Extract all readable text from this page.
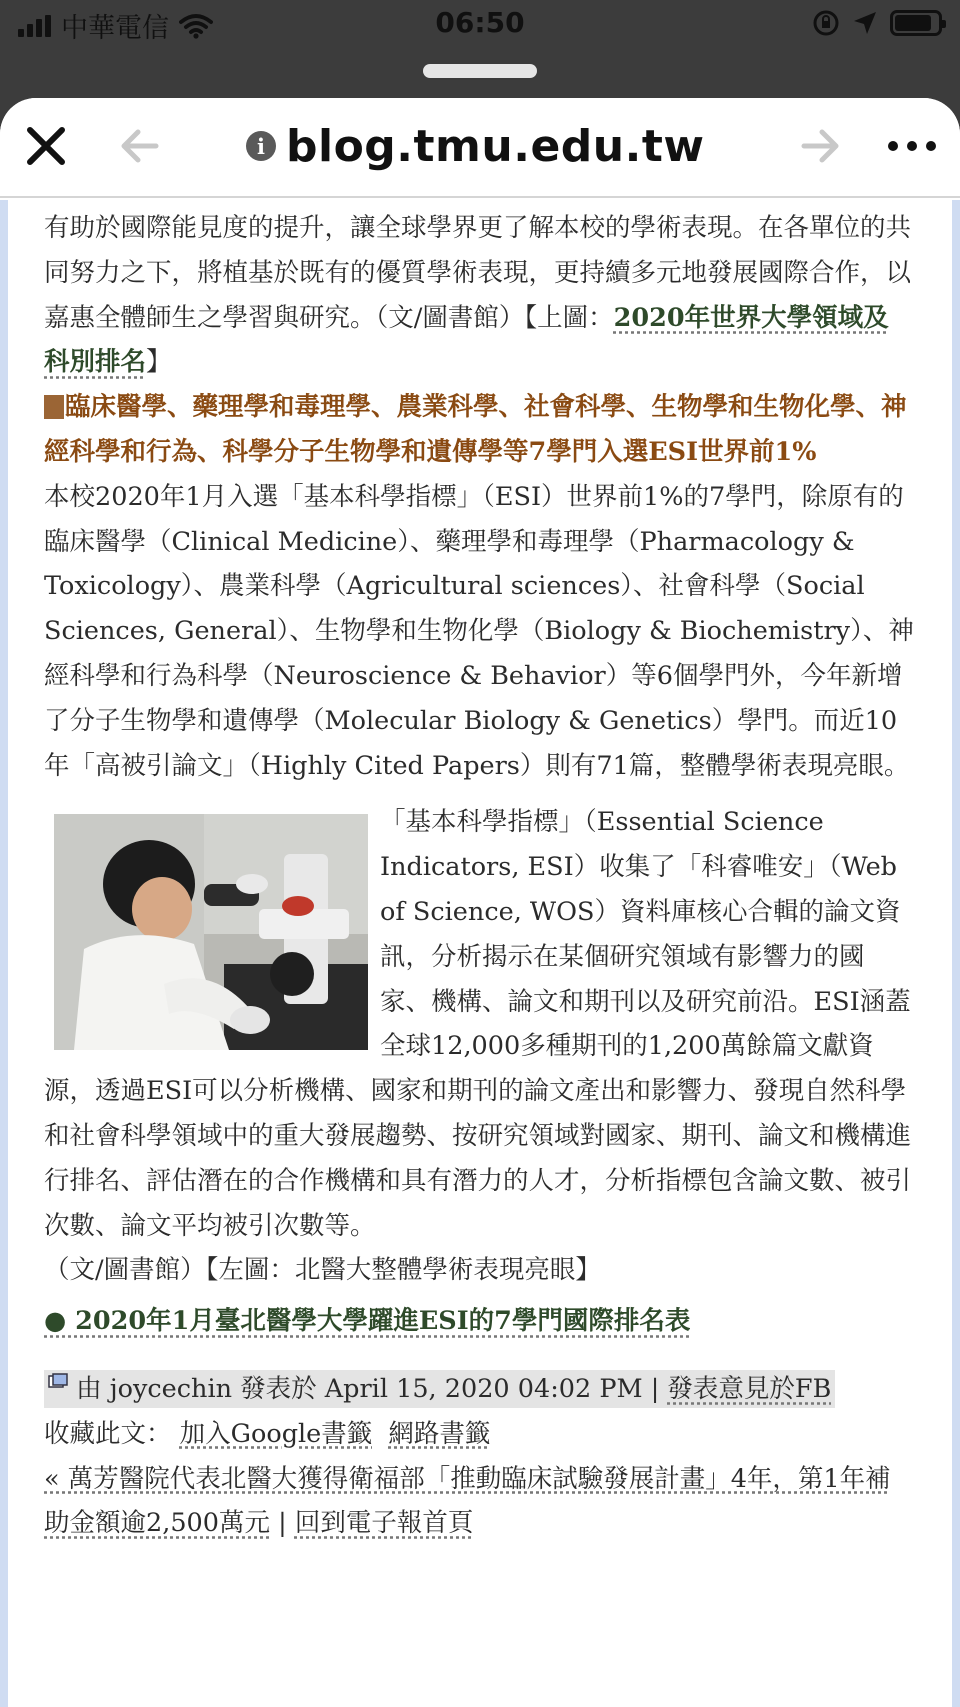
中華電信	06:50
i blog.tmu.edu.tw

有助於國際能見度的提升，讓全球學界更了解本校的學術表現。在各單位的共同努力之下，將植基於既有的優質學術表現，更持續多元地發展國際合作，以嘉惠全體師生之學習與研究。（文/圖書館）【上圖：2020年世界大學領域及科別排名】

臨床醫學、藥理學和毒理學、農業科學、社會科學、生物學和生物化學、神經科學和行為、科學分子生物學和遺傳學等7學門入選ESI世界前1%

本校2020年1月入選「基本科學指標」（ESI）世界前1%的7學門，除原有的臨床醫學（Clinical Medicine）、藥理學和毒理學（Pharmacology & Toxicology）、農業科學（Agricultural sciences）、社會科學（Social Sciences, General）、生物學和生物化學（Biology & Biochemistry）、神經科學和行為科學（Neuroscience & Behavior）等6個學門外，今年新增了分子生物學和遺傳學（Molecular Biology & Genetics）學門。而近10年「高被引論文」（Highly Cited Papers）則有71篇，整體學術表現亮眼。

「基本科學指標」（Essential Science Indicators, ESI）收集了「科睿唯安」（Web of Science, WOS）資料庫核心合輯的論文資訊，分析揭示在某個研究領域有影響力的國家、機構、論文和期刊以及研究前沿。ESI涵蓋全球12,000多種期刊的1,200萬餘篇文獻資源，透過ESI可以分析機構、國家和期刊的論文產出和影響力、發現自然科學和社會科學領域中的重大發展趨勢、按研究領域對國家、期刊、論文和機構進行排名、評估潛在的合作機構和具有潛力的人才，分析指標包含論文數、被引次數、論文平均被引次數等。

（文/圖書館）【左圖：北醫大整體學術表現亮眼】

● 2020年1月臺北醫學大學躍進ESI的7學門國際排名表
由 joycechin 發表於 April 15, 2020 04:02 PM | 發表意見於FB

收藏此文： 加入Google書籤 網路書籤

« 萬芳醫院代表北醫大獲得衛福部「推動臨床試驗發展計畫」4年，第1年補助金額逾2,500萬元 | 回到電子報首頁
